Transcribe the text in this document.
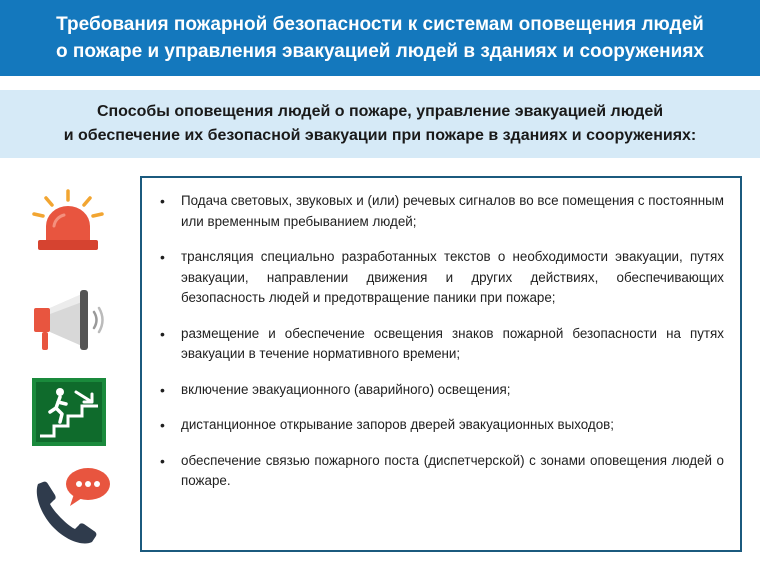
Требования пожарной безопасности к системам оповещения людей
о пожаре и управления эвакуацией людей в зданиях и сооружениях
Способы оповещения людей о пожаре, управление эвакуацией людей
и обеспечение их безопасной эвакуации при пожаре в зданиях и сооружениях:
• Подача световых, звуковых и (или) речевых сигналов во все помещения с постоянным или временным пребыванием людей;
• трансляция специально разработанных текстов о необходимости эвакуации, путях эвакуации, направлении движения и других действиях, обеспечивающих безопасность людей и предотвращение паники при пожаре;
• размещение и обеспечение освещения знаков пожарной безопасности на путях эвакуации в течение нормативного времени;
• включение эвакуационного (аварийного) освещения;
• дистанционное открывание запоров дверей эвакуационных выходов;
• обеспечение связью пожарного поста (диспетчерской) с зонами оповещения людей о пожаре.
